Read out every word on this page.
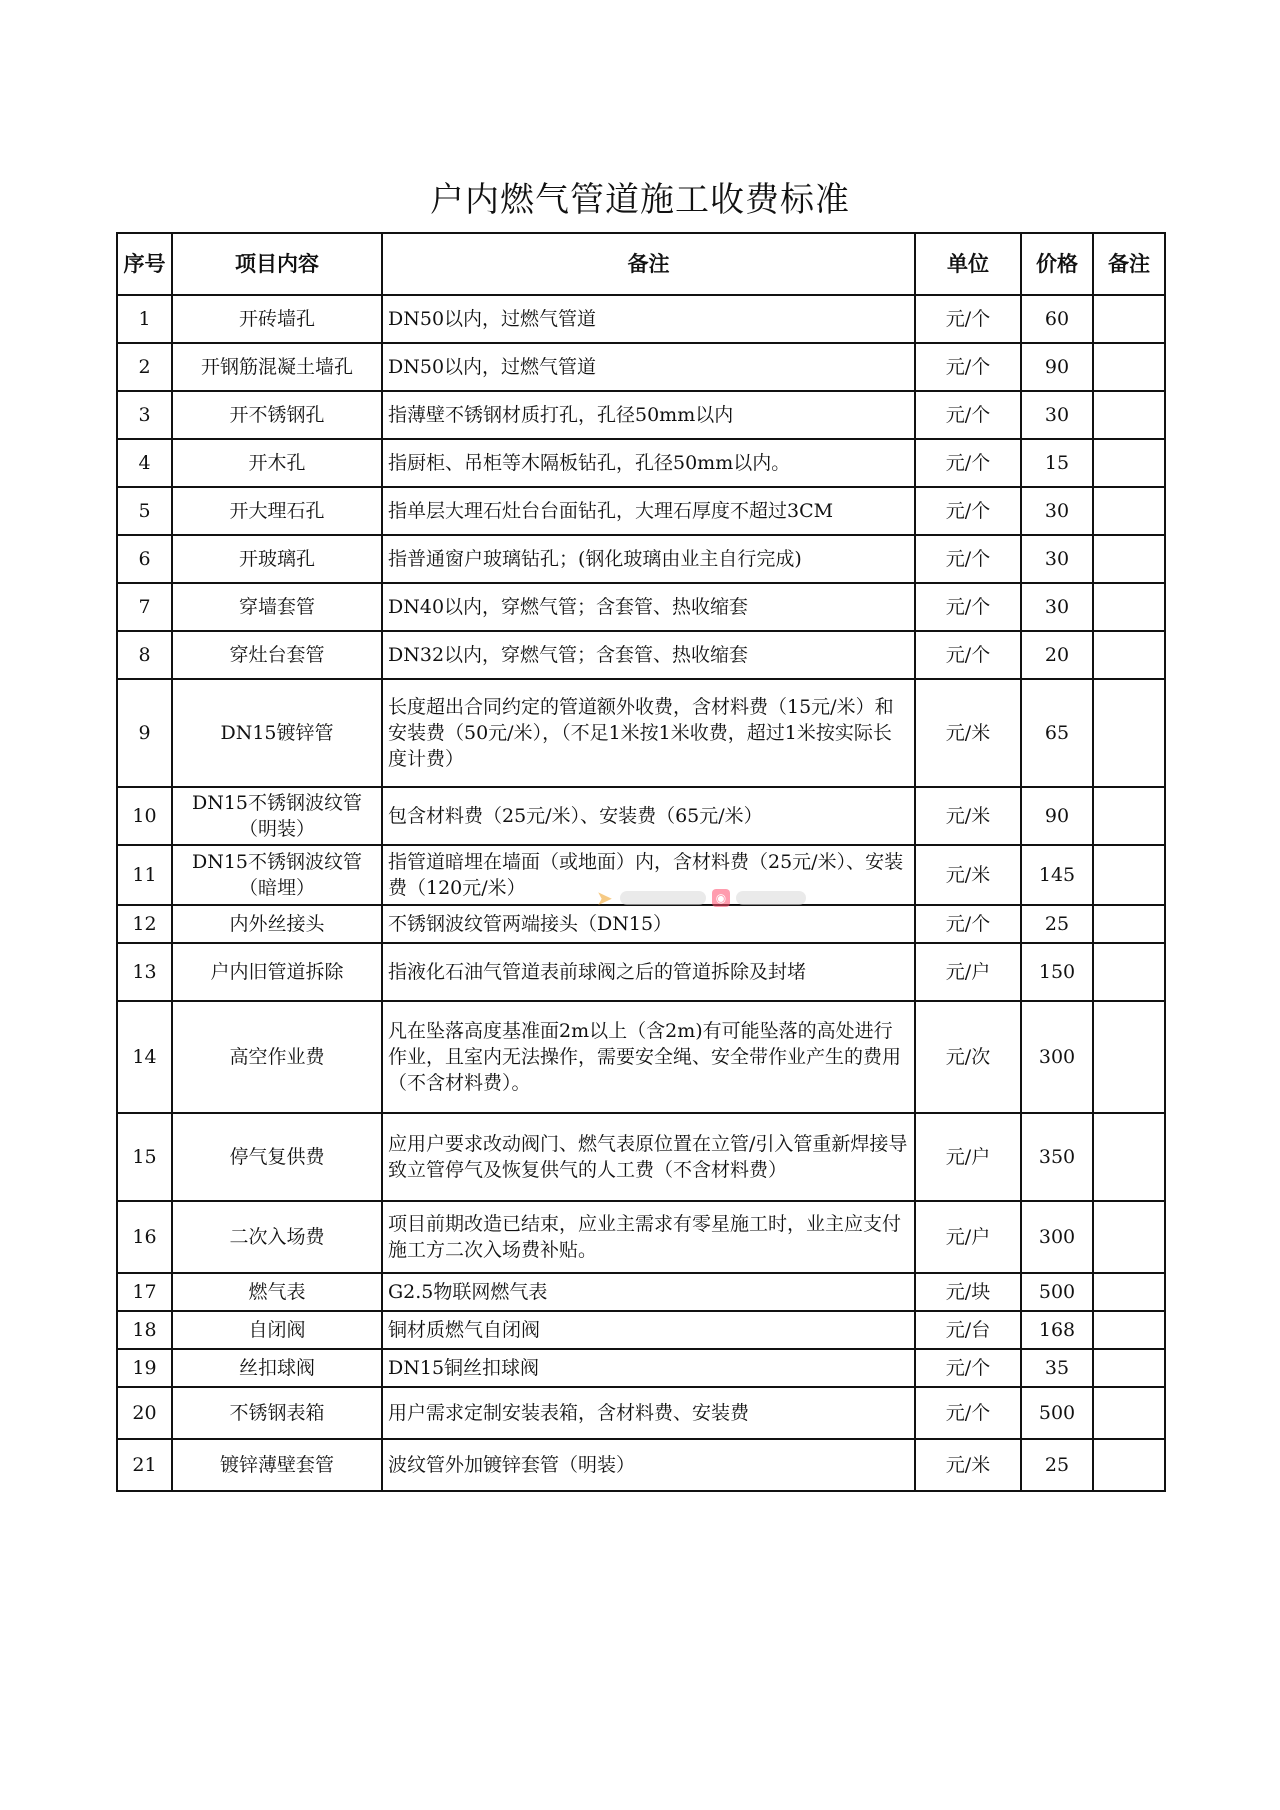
户内燃气管道施工收费标准
序号	项目内容	备注	单位	价格	备注
1	开砖墙孔	DN50以内，过燃气管道	元/个	60	
2	开钢筋混凝土墙孔	DN50以内，过燃气管道	元/个	90	
3	开不锈钢孔	指薄壁不锈钢材质打孔，孔径50mm以内	元/个	30	
4	开木孔	指厨柜、吊柜等木隔板钻孔，孔径50mm以内。	元/个	15	
5	开大理石孔	指单层大理石灶台台面钻孔，大理石厚度不超过3CM	元/个	30	
6	开玻璃孔	指普通窗户玻璃钻孔；(钢化玻璃由业主自行完成)	元/个	30	
7	穿墙套管	DN40以内，穿燃气管；含套管、热收缩套	元/个	30	
8	穿灶台套管	DN32以内，穿燃气管；含套管、热收缩套	元/个	20	
9	DN15镀锌管	长度超出合同约定的管道额外收费，含材料费（15元/米）和安装费（50元/米），（不足1米按1米收费，超过1米按实际长度计费）	元/米	65	
10	DN15不锈钢波纹管（明装）	包含材料费（25元/米）、安装费（65元/米）	元/米	90	
11	DN15不锈钢波纹管（暗埋）	指管道暗埋在墙面（或地面）内，含材料费（25元/米）、安装费（120元/米）	元/米	145	
12	内外丝接头	不锈钢波纹管两端接头（DN15）	元/个	25	
13	户内旧管道拆除	指液化石油气管道表前球阀之后的管道拆除及封堵	元/户	150	
14	高空作业费	凡在坠落高度基准面2m以上（含2m)有可能坠落的高处进行作业，且室内无法操作，需要安全绳、安全带作业产生的费用（不含材料费）。	元/次	300	
15	停气复供费	应用户要求改动阀门、燃气表原位置在立管/引入管重新焊接导致立管停气及恢复供气的人工费（不含材料费）	元/户	350	
16	二次入场费	项目前期改造已结束，应业主需求有零星施工时，业主应支付施工方二次入场费补贴。	元/户	300	
17	燃气表	G2.5物联网燃气表	元/块	500	
18	自闭阀	铜材质燃气自闭阀	元/台	168	
19	丝扣球阀	DN15铜丝扣球阀	元/个	35	
20	不锈钢表箱	用户需求定制安装表箱，含材料费、安装费	元/个	500	
21	镀锌薄壁套管	波纹管外加镀锌套管（明装）	元/米	25	
➤	◉
